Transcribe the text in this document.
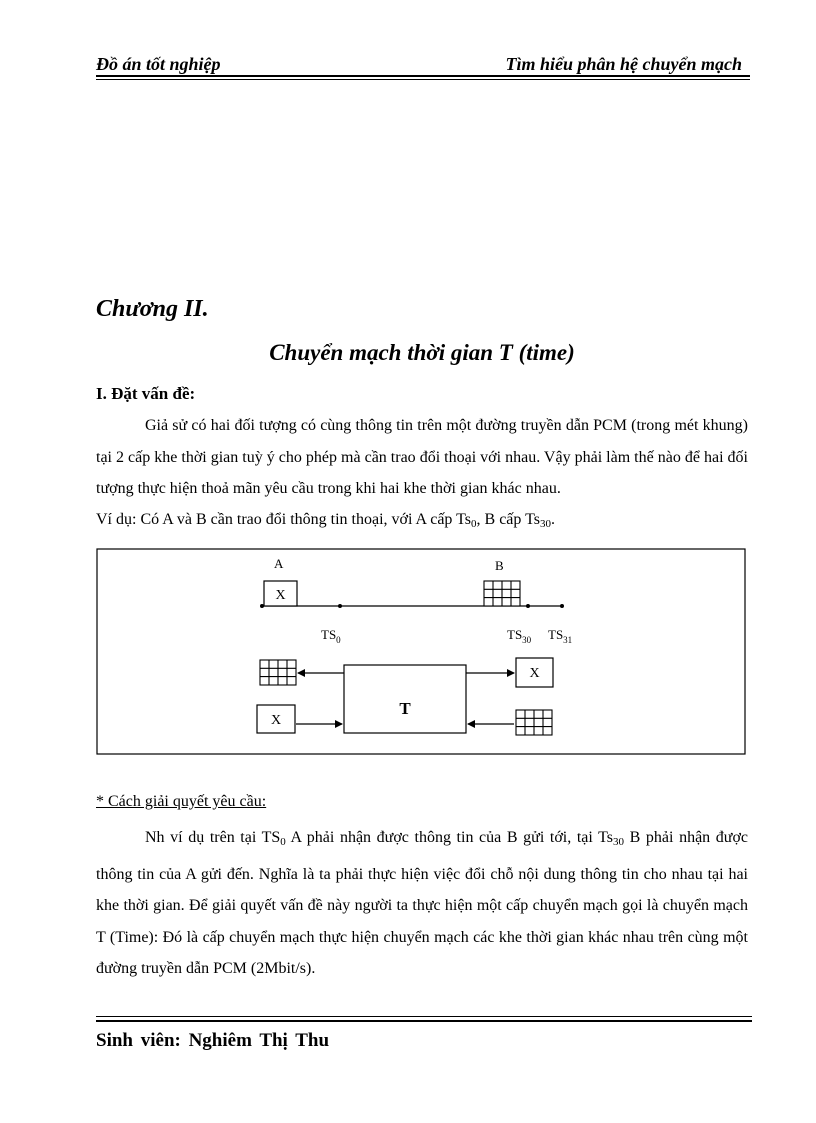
Đồ án tốt nghiệp	Tìm hiểu phân hệ chuyển mạch
Chương II.
Chuyển mạch thời gian T (time)
I. Đặt vấn đề:
Giả sử có hai đối tượng có cùng thông tin trên một đường truyền dẫn PCM (trong mét khung) tại 2 cấp khe thời gian tuỳ ý cho phép mà cần trao đổi thoại với nhau. Vậy phải làm thế nào để hai đối tượng thực hiện thoả mãn yêu cầu trong khi hai khe thời gian khác nhau.
Ví dụ: Có A và B cần trao đổi thông tin thoại, với A cấp $Ts_0$, B cấp $Ts_{30}$.
A
X
B
$TS_0$	$TS_{30}$ $TS_{31}$
T
X
X
* Cách giải quyết yêu cầu:
Nh ví dụ trên tại $TS_0$ A phải nhận được thông tin của B gửi tới, tại $Ts_{30}$ B phải nhận được thông tin của A gửi đến. Nghĩa là ta phải thực hiện việc đổi chỗ nội dung thông tin cho nhau tại hai khe thời gian. Để giải quyết vấn đề này người ta thực hiện một cấp chuyển mạch gọi là chuyển mạch T (Time): Đó là cấp chuyển mạch thực hiện chuyển mạch các khe thời gian khác nhau trên cùng một đường truyền dẫn PCM (2Mbit/s).
Sinh viên: Nghiêm Thị Thu
